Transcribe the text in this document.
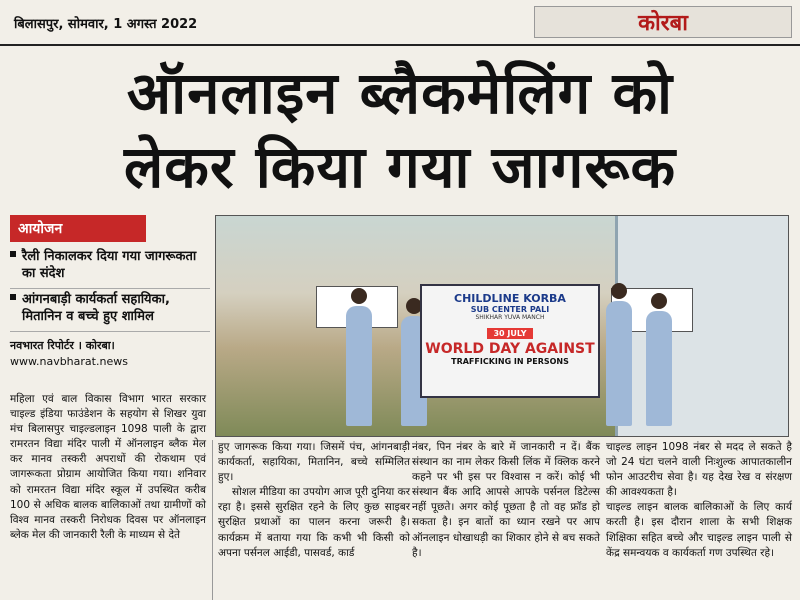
बिलासपुर, सोमवार, 1 अगस्त 2022	कोरबा
ऑनलाइन ब्लैकमेलिंग को
लेकर किया गया जागरूक
आयोजन
रैली निकालकर दिया गया जागरूकता का संदेश
आंगनबाड़ी कार्यकर्ता सहायिका, मितानिन व बच्चे हुए शामिल
नवभारत रिपोर्टर । कोरबा।
www.navbharat.news
CHILDLINE KORBA
SUB CENTER PALI
SHIKHAR YUVA MANCH
30 JULY
WORLD DAY AGAINST
TRAFFICKING IN PERSONS

महिला एवं बाल विकास विभाग भारत सरकार चाइल्ड इंडिया फाउंडेशन के सहयोग से शिखर युवा मंच बिलासपुर चाइल्डलाइन 1098 पाली के द्वारा रामरतन विद्या मंदिर पाली में ऑनलाइन ब्लैक मेल कर मानव तस्करी अपराधों की रोकथाम एवं जागरूकता प्रोग्राम आयोजित किया गया। शनिवार को रामरतन विद्या मंदिर स्कूल में उपस्थित करीब 100 से अधिक बालक बालिकाओं तथा ग्रामीणों को विश्व मानव तस्करी निरोधक दिवस पर ऑनलाइन ब्लेक मेल की जानकारी रैली के माध्यम से देते

हुए जागरूक किया गया। जिसमें पंच, आंगनबाड़ी कार्यकर्ता, सहायिका, मितानिन, बच्चे सम्मिलित हुए।

सोशल मीडिया का उपयोग आज पूरी दुनिया कर रहा है। इससे सुरक्षित रहने के लिए कुछ साइबर सुरक्षित प्रथाओं का पालन करना जरूरी है। कार्यक्रम में बताया गया कि कभी भी किसी को अपना पर्सनल आईडी, पासवर्ड, कार्ड

नंबर, पिन नंबर के बारे में जानकारी न दें। बैंक संस्थान का नाम लेकर किसी लिंक में क्लिक करने कहने पर भी इस पर विश्वास न करें। कोई भी संस्थान बैंक आदि आपसे आपके पर्सनल डिटेल्स नहीं पूछते। अगर कोई पूछता है तो वह फ्रॉड हो सकता है। इन बातों का ध्यान रखने पर आप ऑनलाइन धोखाधड़ी का शिकार होने से बच सकते है।

चाइल्ड लाइन 1098 नंबर से मदद ले सकते है जो 24 घंटा चलने वाली निःशुल्क आपातकालीन फोन आउटरीच सेवा है। यह देख रेख व संरक्षण की आवश्यकता है।

चाइल्ड लाइन बालक बालिकाओं के लिए कार्य करती है। इस दौरान शाला के सभी शिक्षक शिक्षिका सहित बच्चे और चाइल्ड लाइन पाली से केंद्र समन्वयक व कार्यकर्ता गण उपस्थित रहे।
